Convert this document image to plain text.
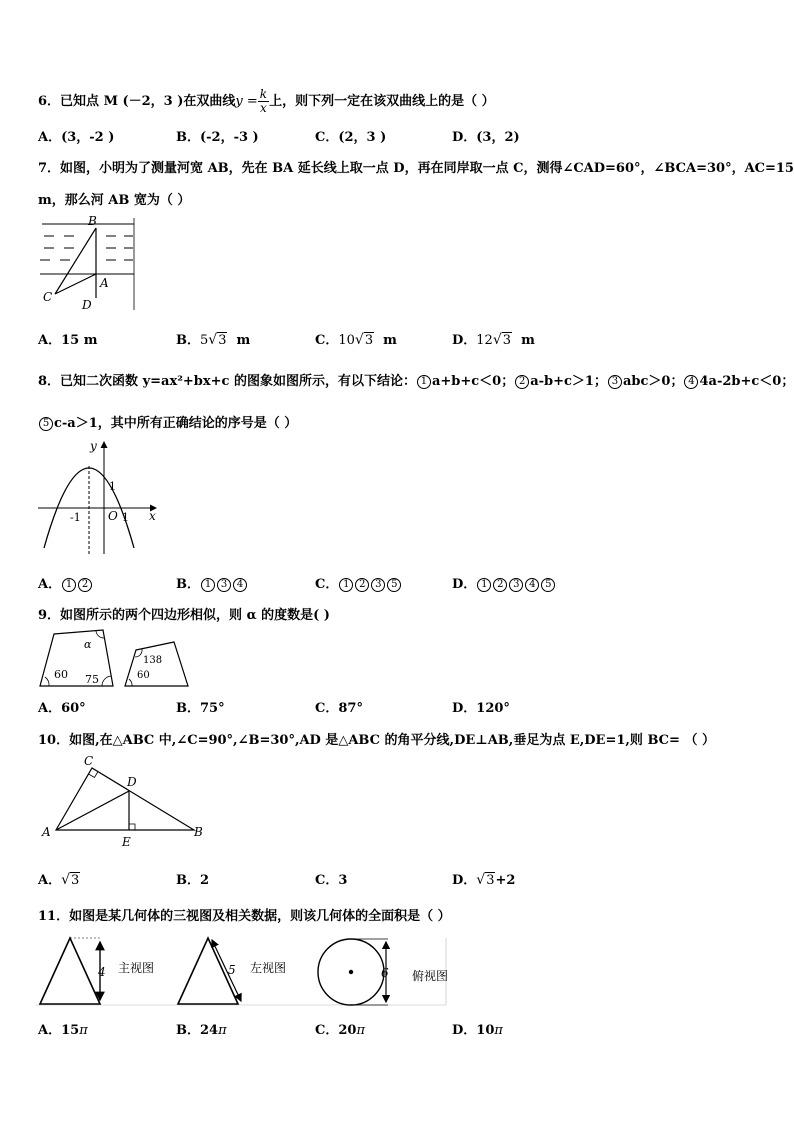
6．已知点 M (－2，3 )在双曲线$y = \frac{k}{x}$ 上，则下列一定在该双曲线上的是（ ）
A．(3，-2 )	B．(-2，-3 )	C．(2，3 )	D．(3，2)
7．如图，小明为了测量河宽 AB，先在 BA 延长线上取一点 D，再在同岸取一点 C，测得∠CAD=60°，∠BCA=30°，AC=15
m，那么河 AB 宽为（ ）
B
A
C
D
A．15 m	B．5√3 m	C．10√3 m	D．12√3 m
8．已知二次函数 y=ax²+bx+c 的图象如图所示，有以下结论： 1 a+b+c＜0； 2 a-b+c＞1； 3 abc＞0； 4 4a-2b+c＜0；
5 c-a＞1，其中所有正确结论的序号是（ ）
y
x
O
1
-1	1
A． 1 2	B． 1 3 4	C． 1 2 3 5	D． 1 2 3 4 5
9．如图所示的两个四边形相似，则 α 的度数是( )
α
60 75
138
60
A．60°	B．75°	C．87°	D．120°
10．如图,在△ABC 中,∠C=90°,∠B=30°,AD 是△ABC 的角平分线,DE⊥AB,垂足为点 E,DE=1,则 BC= （ ）
C
D
A
E
B
A．√3	B．2	C．3	D．√3+2
11．如图是某几何体的三视图及相关数据，则该几何体的全面积是（ ）
4 主视图	5 左视图	6 俯视图
A．15π	B．24π	C．20π	D．10π
